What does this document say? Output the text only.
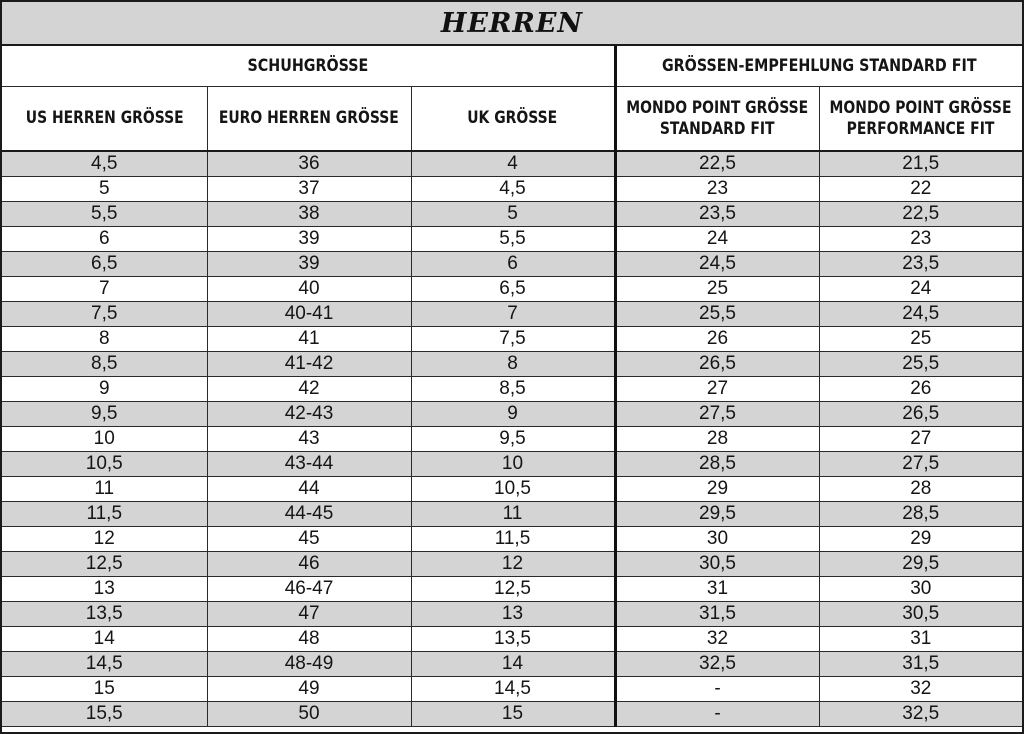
HERREN
SCHUHGRÖSSE			GRÖSSEN-EMPFEHLUNG STANDARD FIT	
US HERREN GRÖSSE	EURO HERREN GRÖSSE	UK GRÖSSE	MONDO POINT GRÖSSE STANDARD FIT	MONDO POINT GRÖSSE PERFORMANCE FIT
4,5	36	4	22,5	21,5
5	37	4,5	23	22
5,5	38	5	23,5	22,5
6	39	5,5	24	23
6,5	39	6	24,5	23,5
7	40	6,5	25	24
7,5	40-41	7	25,5	24,5
8	41	7,5	26	25
8,5	41-42	8	26,5	25,5
9	42	8,5	27	26
9,5	42-43	9	27,5	26,5
10	43	9,5	28	27
10,5	43-44	10	28,5	27,5
11	44	10,5	29	28
11,5	44-45	11	29,5	28,5
12	45	11,5	30	29
12,5	46	12	30,5	29,5
13	46-47	12,5	31	30
13,5	47	13	31,5	30,5
14	48	13,5	32	31
14,5	48-49	14	32,5	31,5
15	49	14,5	-	32
15,5	50	15	-	32,5
